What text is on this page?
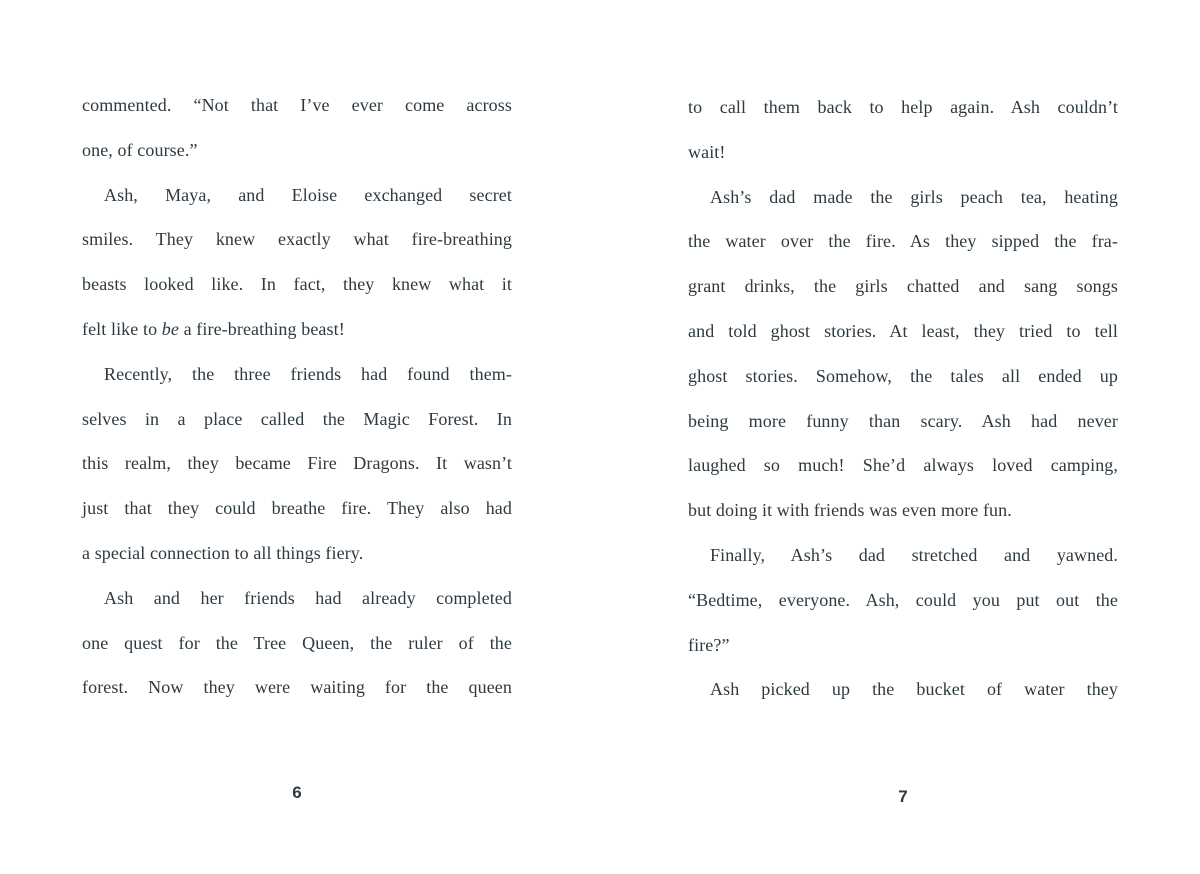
commented. “Not that I’ve ever come across
one, of course.”
Ash, Maya, and Eloise exchanged secret
smiles. They knew exactly what fire-breathing
beasts looked like. In fact, they knew what it
felt like to be a fire-breathing beast!
Recently, the three friends had found them-
selves in a place called the Magic Forest. In
this realm, they became Fire Dragons. It wasn’t
just that they could breathe fire. They also had
a special connection to all things fiery.
Ash and her friends had already completed
one quest for the Tree Queen, the ruler of the
forest. Now they were waiting for the queen
to call them back to help again. Ash couldn’t
wait!
Ash’s dad made the girls peach tea, heating
the water over the fire. As they sipped the fra-
grant drinks, the girls chatted and sang songs
and told ghost stories. At least, they tried to tell
ghost stories. Somehow, the tales all ended up
being more funny than scary. Ash had never
laughed so much! She’d always loved camping,
but doing it with friends was even more fun.
Finally, Ash’s dad stretched and yawned.
“Bedtime, everyone. Ash, could you put out the
fire?”
Ash picked up the bucket of water they
6	7
